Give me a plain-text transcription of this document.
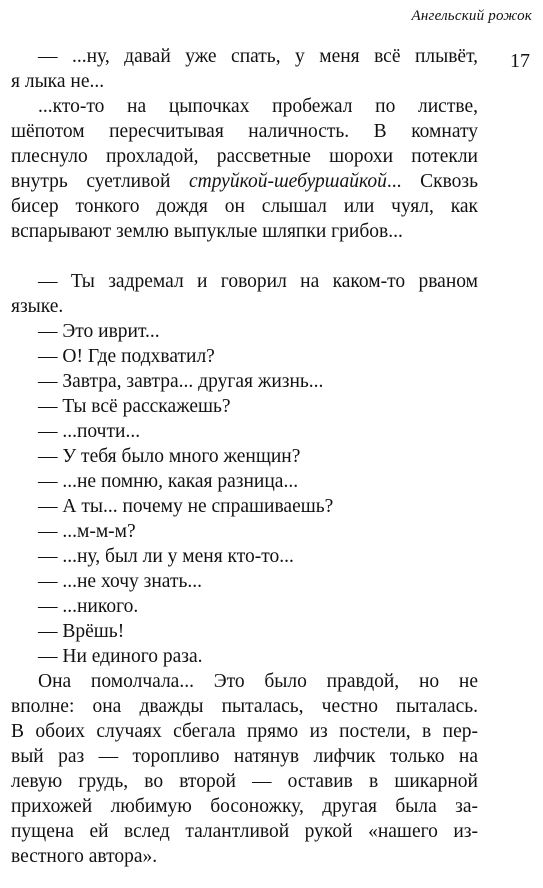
Ангельский рожок
17
— ...ну, давай уже спать, у меня всё плывёт,
я лыка не...
...кто-то на цыпочках пробежал по листве,
шёпотом пересчитывая наличность. В комнату
плеснуло прохладой, рассветные шорохи потекли
внутрь суетливой струйкой-шебуршайкой... Сквозь
бисер тонкого дождя он слышал или чуял, как
вспарывают землю выпуклые шляпки грибов...
— Ты задремал и говорил на каком-то рваном
языке.
— Это иврит...
— О! Где подхватил?
— Завтра, завтра... другая жизнь...
— Ты всё расскажешь?
— ...почти...
— У тебя было много женщин?
— ...не помню, какая разница...
— А ты... почему не спрашиваешь?
— ...м-м-м?
— ...ну, был ли у меня кто-то...
— ...не хочу знать...
— ...никого.
— Врёшь!
— Ни единого раза.
Она помолчала... Это было правдой, но не
вполне: она дважды пыталась, честно пыталась.
В обоих случаях сбегала прямо из постели, в пер-
вый раз — торопливо натянув лифчик только на
левую грудь, во второй — оставив в шикарной
прихожей любимую босоножку, другая была за-
пущена ей вслед талантливой рукой «нашего из-
вестного автора».
